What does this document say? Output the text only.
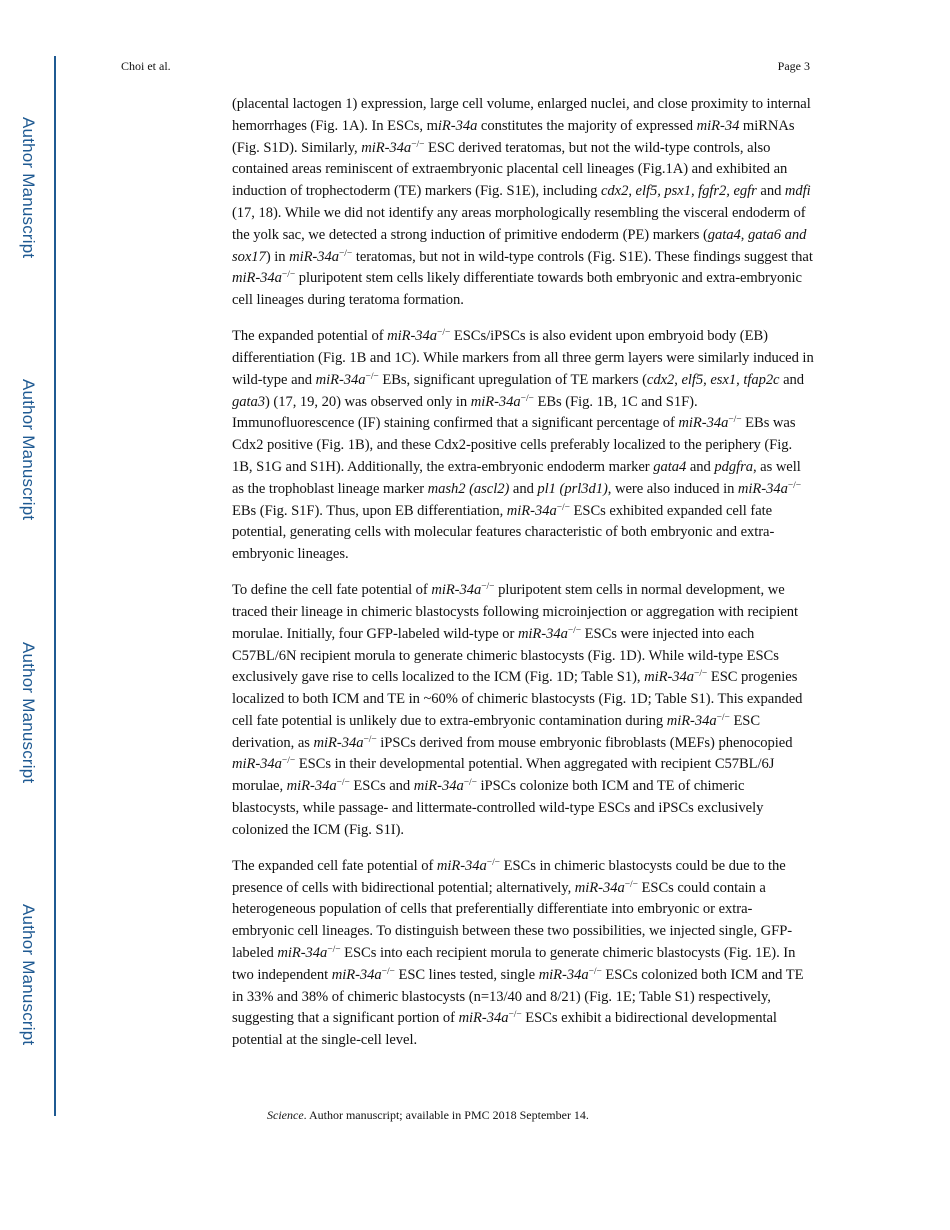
Author Manuscript
Author Manuscript
Author Manuscript
Author Manuscript
Choi et al.	Page 3

(placental lactogen 1) expression, large cell volume, enlarged nuclei, and close proximity to internal hemorrhages (Fig. 1A). In ESCs, miR-34a constitutes the majority of expressed miR-34 miRNAs (Fig. S1D). Similarly, miR-34a−/− ESC derived teratomas, but not the wild-type controls, also contained areas reminiscent of extraembryonic placental cell lineages (Fig.1A) and exhibited an induction of trophectoderm (TE) markers (Fig. S1E), including cdx2, elf5, psx1, fgfr2, egfr and mdfi (17, 18). While we did not identify any areas morphologically resembling the visceral endoderm of the yolk sac, we detected a strong induction of primitive endoderm (PE) markers (gata4, gata6 and sox17) in miR-34a−/− teratomas, but not in wild-type controls (Fig. S1E). These findings suggest that miR-34a−/− pluripotent stem cells likely differentiate towards both embryonic and extra-embryonic cell lineages during teratoma formation.

The expanded potential of miR-34a−/− ESCs/iPSCs is also evident upon embryoid body (EB) differentiation (Fig. 1B and 1C). While markers from all three germ layers were similarly induced in wild-type and miR-34a−/− EBs, significant upregulation of TE markers (cdx2, elf5, esx1, tfap2c and gata3) (17, 19, 20) was observed only in miR-34a−/− EBs (Fig. 1B, 1C and S1F). Immunofluorescence (IF) staining confirmed that a significant percentage of miR-34a−/− EBs was Cdx2 positive (Fig. 1B), and these Cdx2-positive cells preferably localized to the periphery (Fig. 1B, S1G and S1H). Additionally, the extra-embryonic endoderm marker gata4 and pdgfra, as well as the trophoblast lineage marker mash2 (ascl2) and pl1 (prl3d1), were also induced in miR-34a−/− EBs (Fig. S1F). Thus, upon EB differentiation, miR-34a−/− ESCs exhibited expanded cell fate potential, generating cells with molecular features characteristic of both embryonic and extra-embryonic lineages.

To define the cell fate potential of miR-34a−/− pluripotent stem cells in normal development, we traced their lineage in chimeric blastocysts following microinjection or aggregation with recipient morulae. Initially, four GFP-labeled wild-type or miR-34a−/− ESCs were injected into each C57BL/6N recipient morula to generate chimeric blastocysts (Fig. 1D). While wild-type ESCs exclusively gave rise to cells localized to the ICM (Fig. 1D; Table S1), miR-34a−/− ESC progenies localized to both ICM and TE in ~60% of chimeric blastocysts (Fig. 1D; Table S1). This expanded cell fate potential is unlikely due to extra-embryonic contamination during miR-34a−/− ESC derivation, as miR-34a−/− iPSCs derived from mouse embryonic fibroblasts (MEFs) phenocopied miR-34a−/− ESCs in their developmental potential. When aggregated with recipient C57BL/6J morulae, miR-34a−/− ESCs and miR-34a−/− iPSCs colonize both ICM and TE of chimeric blastocysts, while passage- and littermate-controlled wild-type ESCs and iPSCs exclusively colonized the ICM (Fig. S1I).

The expanded cell fate potential of miR-34a−/− ESCs in chimeric blastocysts could be due to the presence of cells with bidirectional potential; alternatively, miR-34a−/− ESCs could contain a heterogeneous population of cells that preferentially differentiate into embryonic or extra-embryonic cell lineages. To distinguish between these two possibilities, we injected single, GFP-labeled miR-34a−/− ESCs into each recipient morula to generate chimeric blastocysts (Fig. 1E). In two independent miR-34a−/− ESC lines tested, single miR-34a−/− ESCs colonized both ICM and TE in 33% and 38% of chimeric blastocysts (n=13/40 and 8/21) (Fig. 1E; Table S1) respectively, suggesting that a significant portion of miR-34a−/− ESCs exhibit a bidirectional developmental potential at the single-cell level.

Science. Author manuscript; available in PMC 2018 September 14.
